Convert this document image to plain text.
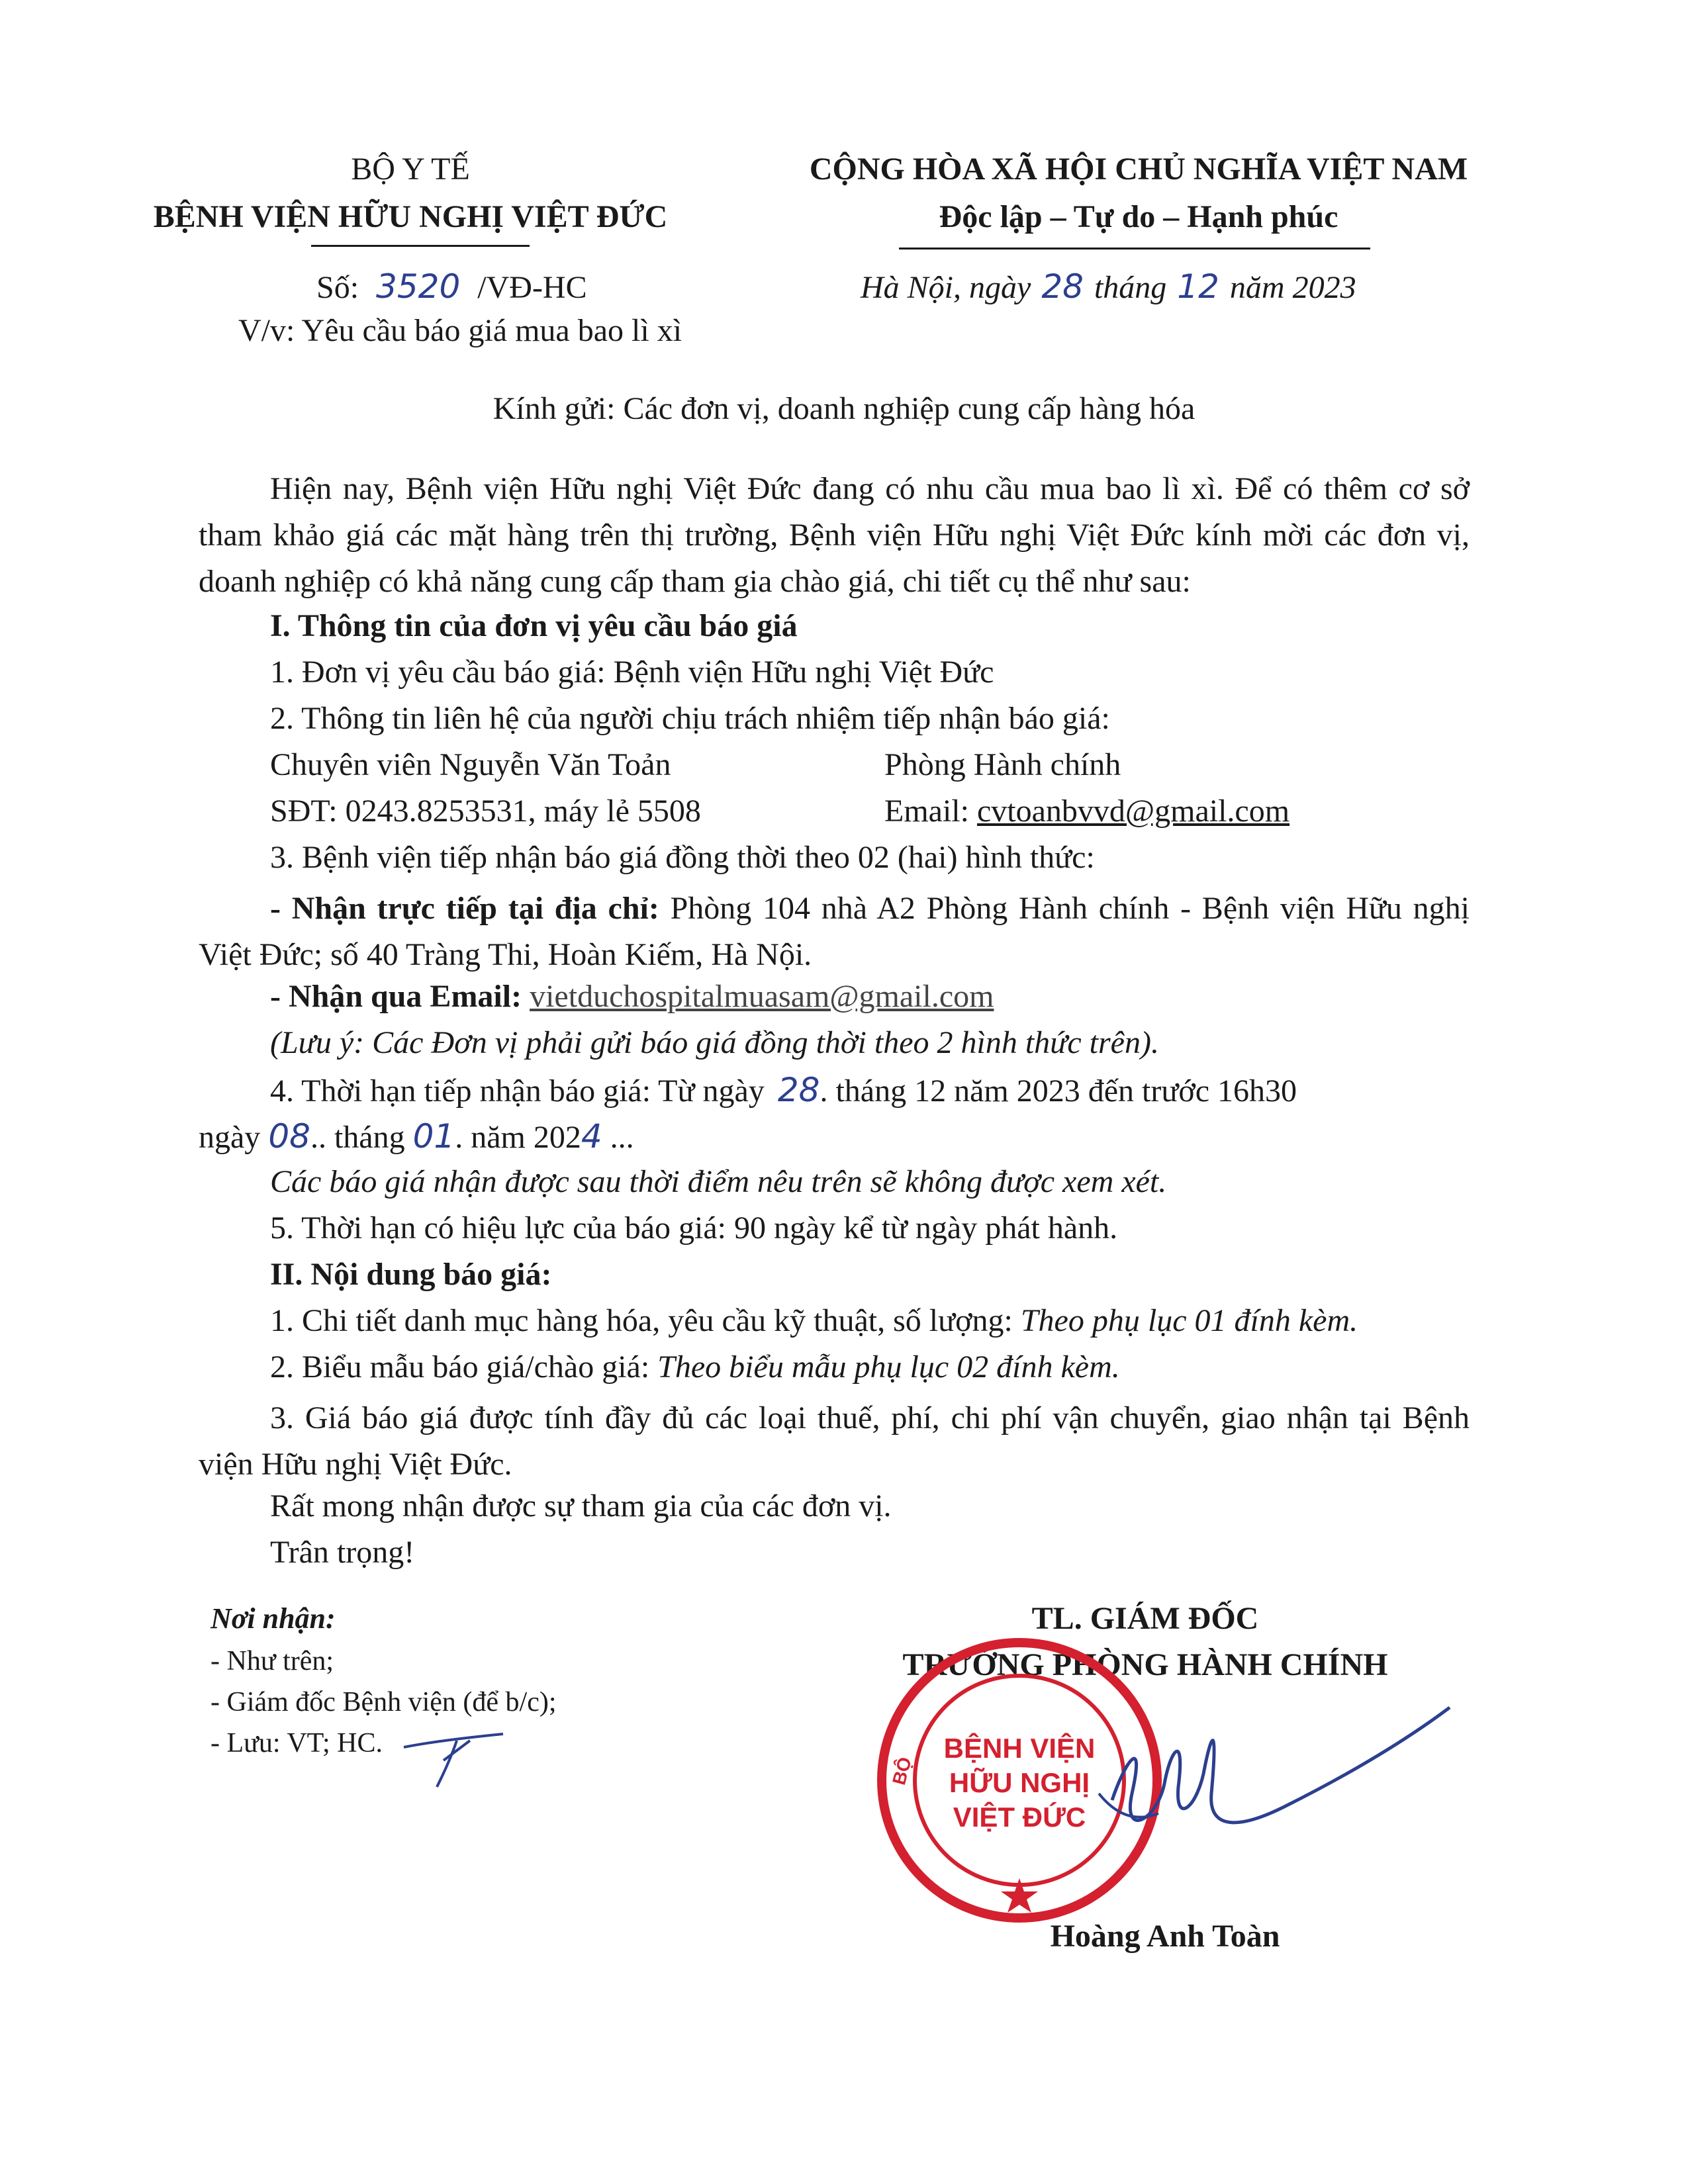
BỘ Y TẾ
BỆNH VIỆN HỮU NGHỊ VIỆT ĐỨC
CỘNG HÒA XÃ HỘI CHỦ NGHĨA VIỆT NAM
Độc lập – Tự do – Hạnh phúc
Số: 3520 /VĐ-HC	Hà Nội, ngày 28 tháng 12 năm 2023
V/v: Yêu cầu báo giá mua bao lì xì
Kính gửi: Các đơn vị, doanh nghiệp cung cấp hàng hóa
Hiện nay, Bệnh viện Hữu nghị Việt Đức đang có nhu cầu mua bao lì xì. Để có thêm cơ sở tham khảo giá các mặt hàng trên thị trường, Bệnh viện Hữu nghị Việt Đức kính mời các đơn vị, doanh nghiệp có khả năng cung cấp tham gia chào giá, chi tiết cụ thể như sau:
I. Thông tin của đơn vị yêu cầu báo giá
1. Đơn vị yêu cầu báo giá: Bệnh viện Hữu nghị Việt Đức
2. Thông tin liên hệ của người chịu trách nhiệm tiếp nhận báo giá:
Chuyên viên Nguyễn Văn Toản	Phòng Hành chính
SĐT: 0243.8253531, máy lẻ 5508	Email: cvtoanbvvd@gmail.com
3. Bệnh viện tiếp nhận báo giá đồng thời theo 02 (hai) hình thức:
- Nhận trực tiếp tại địa chỉ: Phòng 104 nhà A2 Phòng Hành chính - Bệnh viện Hữu nghị Việt Đức; số 40 Tràng Thi, Hoàn Kiếm, Hà Nội.
- Nhận qua Email: vietduchospitalmuasam@gmail.com
(Lưu ý: Các Đơn vị phải gửi báo giá đồng thời theo 2 hình thức trên).
4. Thời hạn tiếp nhận báo giá: Từ ngày 28. tháng 12 năm 2023 đến trước 16h30
ngày 08.. tháng 01. năm 2024 ...
Các báo giá nhận được sau thời điểm nêu trên sẽ không được xem xét.
5. Thời hạn có hiệu lực của báo giá: 90 ngày kể từ ngày phát hành.
II. Nội dung báo giá:
1. Chi tiết danh mục hàng hóa, yêu cầu kỹ thuật, số lượng: Theo phụ lục 01 đính kèm.
2. Biểu mẫu báo giá/chào giá: Theo biểu mẫu phụ lục 02 đính kèm.
3. Giá báo giá được tính đầy đủ các loại thuế, phí, chi phí vận chuyển, giao nhận tại Bệnh viện Hữu nghị Việt Đức.
Rất mong nhận được sự tham gia của các đơn vị.
Trân trọng!
Nơi nhận:
- Như trên;
- Giám đốc Bệnh viện (để b/c);
- Lưu: VT; HC.
TL. GIÁM ĐỐC
TRƯỞNG PHÒNG HÀNH CHÍNH
BỆNH VIỆN
HỮU NGHỊ
VIỆT ĐỨC
BỘ
Hoàng Anh Toàn
